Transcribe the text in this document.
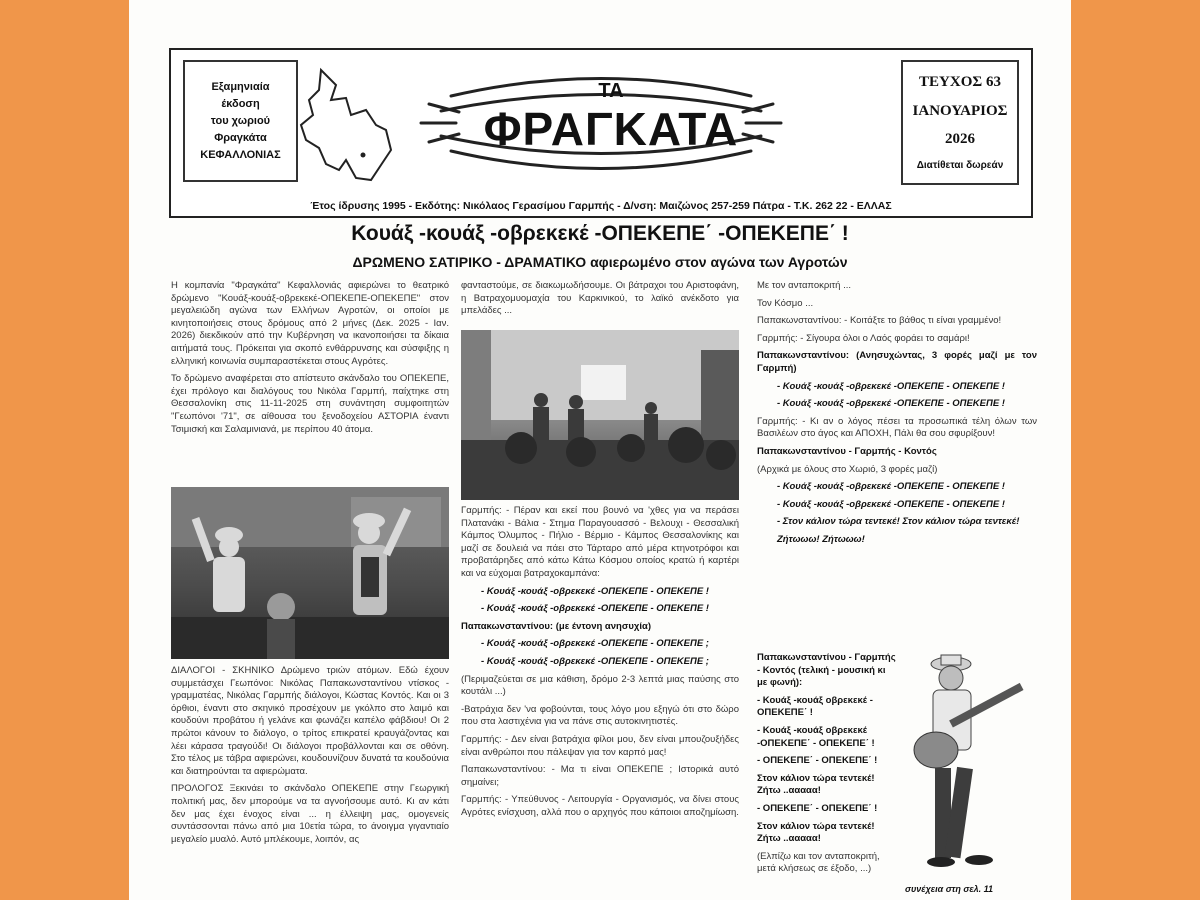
Εξαμηνιαία
έκδοση
του χωριού
Φραγκάτα
ΚΕΦΑΛΛΟΝΙΑΣ
ΤΑ
ΦΡΑΓΚΑΤΑ
ΤΕΥΧΟΣ 63
ΙΑΝΟΥΑΡΙΟΣ
2026
Διατίθεται δωρεάν
Έτος ίδρυσης 1995 - Εκδότης: Νικόλαος Γερασίμου Γαρμπής - Δ/νση: Μαιζώνος 257-259 Πάτρα - Τ.Κ. 262 22 - ΕΛΛΑΣ
Κουάξ -κουάξ -οβρεκεκέ -ΟΠΕΚΕΠΕ΄ -ΟΠΕΚΕΠΕ΄ !
ΔΡΩΜΕΝΟ ΣΑΤΙΡΙΚΟ - ΔΡΑΜΑΤΙΚΟ αφιερωμένο στον αγώνα των Αγροτών

Η κομπανία "Φραγκάτα" Κεφαλλονιάς αφιερώνει το θεατρικό δρώμενο "Κουάξ-κουάξ-οβρεκεκέ-ΟΠΕΚΕΠΕ-ΟΠΕΚΕΠΕ" στον μεγαλειώδη αγώνα των Ελλήνων Αγροτών, οι οποίοι με κινητοποιήσεις στους δρόμους από 2 μήνες (Δεκ. 2025 - Ιαν. 2026) διεκδικούν από την Κυβέρνηση να ικανοποιήσει τα δίκαια αιτήματά τους. Πρόκειται για σκοπό ενθάρρυνσης και σύσφιξης η ελληνική κοινωνία συμπαραστέκεται στους Αγρότες.

Το δρώμενο αναφέρεται στο απίστευτο σκάνδαλο του ΟΠΕΚΕΠΕ, έχει πρόλογο και διαλόγους του Νικόλα Γαρμπή, παίχτηκε στη Θεσσαλονίκη στις 11-11-2025 στη συνάντηση συμφοιτητών "Γεωπόνοι '71", σε αίθουσα του ξενοδοχείου ΑΣΤΟΡΙΑ έναντι Τσιμισκή και Σαλαμινιανά, με περίπου 40 άτομα.

ΔΙΑΛΟΓΟΙ - ΣΚΗΝΙΚΟ Δρώμενο τριών ατόμων. Εδώ έχουν συμμετάσχει Γεωπόνοι: Νικόλας Παπακωνσταντίνου ντίσκος - γραμματέας, Νικόλας Γαρμπής διάλογοι, Κώστας Κοντός. Και οι 3 όρθιοι, έναντι στο σκηνικό προσέχουν με γκόλπο στο λαιμό και κουδούνι προβάτου ή γελάνε και φωνάζει καπέλο φάβδιου! Οι 2 πρώτοι κάνουν το διάλογο, ο τρίτος επικρατεί κραυγάζοντας και λέει κάρασα τραγούδι! Οι διάλογοι προβάλλονται και σε οθόνη. Στο τέλος με τάβρα αφιερώνει, κουδουνίζουν δυνατά τα κουδούνια και διατηρούνται τα αφιερώματα.

ΠΡΟΛΟΓΟΣ Ξεκινάει το σκάνδαλο ΟΠΕΚΕΠΕ στην Γεωργική πολιτική μας, δεν μπορούμε να τα αγνοήσουμε αυτό. Κι αν κάτι δεν μας έχει ένοχος είναι ... η έλλειψη μας, ομογενείς συντάσσονται πάνω από μια 10ετία τώρα, το άνοιγμα γιγαντιαίο μεγαλείο μυαλό. Αυτό μπλέκουμε, λοιπόν, ας

φανταστούμε, σε διακωμωδήσουμε. Οι βάτραχοι του Αριστοφάνη, η Βατραχομυομαχία του Καρκινικού, το λαϊκό ανέκδοτο για μπελάδες ...

Γαρμπής: - Πέραν και εκεί που βουνό να 'χθες για να περάσει Πλατανάκι - Βάλια - Στημα Παραγουασσό - Βελουχι - Θεσσαλική Κάμπος Όλυμπος - Πήλιο - Βέρμιο - Κάμπος Θεσσαλονίκης και μαζί σε δουλειά να πάει στο Τάρταρο από μέρα κτηνοτρόφοι και προβατάρηδες από κάτω Κάτω Κόσμου οποίος κρατώ ή καρτέρι και να εύχομαι βατραχοκαμπάνα:

- Κουάξ -κουάξ -οβρεκεκέ -ΟΠΕΚΕΠΕ - ΟΠΕΚΕΠΕ !

- Κουάξ -κουάξ -οβρεκεκέ -ΟΠΕΚΕΠΕ - ΟΠΕΚΕΠΕ !

Παπακωνσταντίνου: (με έντονη ανησυχία)

- Κουάξ -κουάξ -οβρεκεκέ -ΟΠΕΚΕΠΕ - ΟΠΕΚΕΠΕ ;

- Κουάξ -κουάξ -οβρεκεκέ -ΟΠΕΚΕΠΕ - ΟΠΕΚΕΠΕ ;

(Περιμαζεύεται σε μια κάθιση, δρόμο 2-3 λεπτά μιας παύσης στο κουτάλι ...)

-Βατράχια δεν 'να φοβούνται, τους λόγο μου εξηγώ ότι στο δώρο που στα λαστιχένια για να πάνε στις αυτοκινητιστές.

Γαρμπής: - Δεν είναι βατράχια φίλοι μου, δεν είναι μπουζουξήδες είναι ανθρώποι που πάλεψαν για τον καρπό μας!

Παπακωνσταντίνου: - Μα τι είναι ΟΠΕΚΕΠΕ ; Ιστορικά αυτό σημαίνει;

Γαρμπής: - Υπεύθυνος - Λειτουργία - Οργανισμός, να δίνει στους Αγρότες ενίσχυση, αλλά που ο αρχηγός που κάποιοι αποζημίωση.

Με τον ανταποκριτή ...

Τον Κόσμο ...

Παπακωνσταντίνου: - Κοιτάξτε το βάθος τι είναι γραμμένο!

Γαρμπής: - Σίγουρα όλοι ο Λαός φοράει το σαμάρι!

Παπακωνσταντίνου: (Ανησυχώντας, 3 φορές μαζί με τον Γαρμπή)

- Κουάξ -κουάξ -οβρεκεκέ -ΟΠΕΚΕΠΕ - ΟΠΕΚΕΠΕ !

- Κουάξ -κουάξ -οβρεκεκέ -ΟΠΕΚΕΠΕ - ΟΠΕΚΕΠΕ !

Γαρμπής: - Κι αν ο λόγος πέσει τα προσωπικά τέλη όλων των Βασιλέων στο άγος και ΑΠΟΧΗ, Πάλι θα σου σφυρίξουν!

Παπακωνσταντίνου - Γαρμπής - Κοντός

(Αρχικά με όλους στο Χωριό, 3 φορές μαζί)

- Κουάξ -κουάξ -οβρεκεκέ -ΟΠΕΚΕΠΕ - ΟΠΕΚΕΠΕ !

- Κουάξ -κουάξ -οβρεκεκέ -ΟΠΕΚΕΠΕ - ΟΠΕΚΕΠΕ !

- Στον κάλιον τώρα τεντεκέ! Στον κάλιον τώρα τεντεκέ!

Ζήτωωω! Ζήτωωω!

Παπακωνσταντίνου - Γαρμπής - Κοντός (τελική - μουσική κι με φωνή):

- Κουάξ -κουάξ οβρεκεκέ - ΟΠΕΚΕΠΕ΄ !

- Κουάξ -κουάξ οβρεκεκέ -ΟΠΕΚΕΠΕ΄ - ΟΠΕΚΕΠΕ΄ !

- ΟΠΕΚΕΠΕ΄ - ΟΠΕΚΕΠΕ΄ !

Στον κάλιον τώρα τεντεκέ! Ζήτω ..ααααα!

- ΟΠΕΚΕΠΕ΄ - ΟΠΕΚΕΠΕ΄ !

Στον κάλιον τώρα τεντεκέ! Ζήτω ..ααααα!

(Ελπίζω και τον ανταποκριτή, μετά κλήσεως σε έξοδο, ...)

συνέχεια στη σελ. 11
